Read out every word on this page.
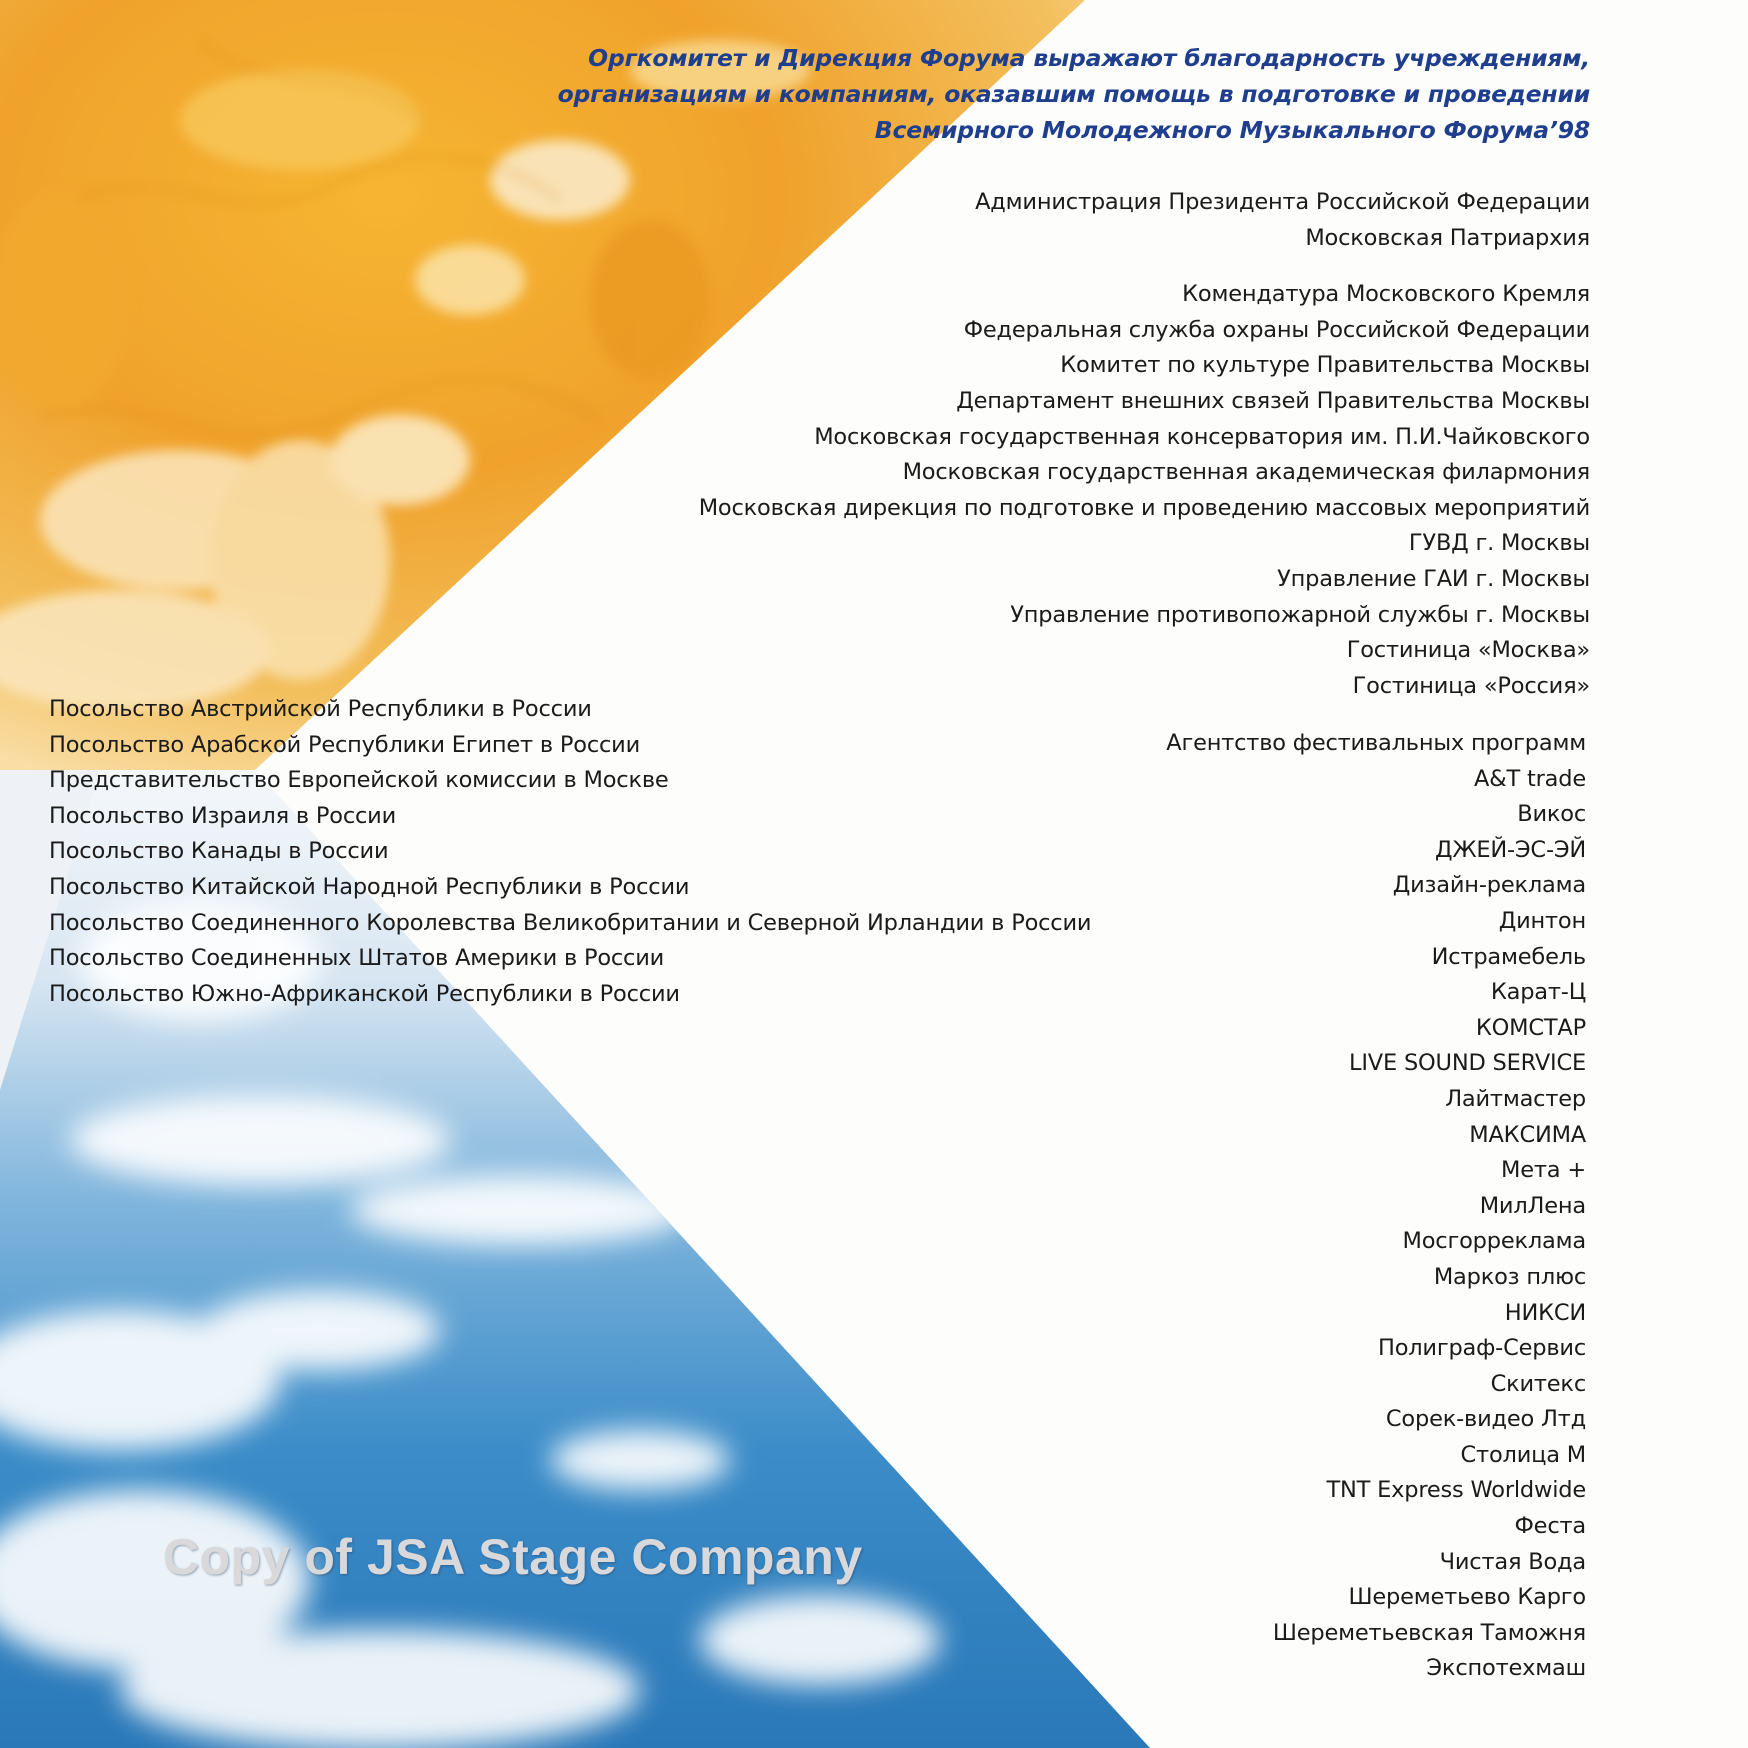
Оргкомитет и Дирекция Форума выражают благодарность учреждениям,
организациям и компаниям, оказавшим помощь в подготовке и проведении
Всемирного Молодежного Музыкального Форума’98
Администрация Президента Российской Федерации
Московская Патриархия
Комендатура Московского Кремля
Федеральная служба охраны Российской Федерации
Комитет по культуре Правительства Москвы
Департамент внешних связей Правительства Москвы
Московская государственная консерватория им. П.И.Чайковского
Московская государственная академическая филармония
Московская дирекция по подготовке и проведению массовых мероприятий
ГУВД г. Москвы
Управление ГАИ г. Москвы
Управление противопожарной службы г. Москвы
Гостиница «Москва»
Гостиница «Россия»
Посольство Австрийской Республики в России
Посольство Арабской Республики Египет в России
Представительство Европейской комиссии в Москве
Посольство Израиля в России
Посольство Канады в России
Посольство Китайской Народной Республики в России
Посольство Соединенного Королевства Великобритании и Северной Ирландии в России
Посольство Соединенных Штатов Америки в России
Посольство Южно-Африканской Республики в России
Агентство фестивальных программ
A&T trade
Викос
ДЖЕЙ-ЭС-ЭЙ
Дизайн-реклама
Динтон
Истрамебель
Карат-Ц
КОМСТАР
LIVE SOUND SERVICE
Лайтмастер
МАКСИМА
Мета +
МилЛена
Мосгорреклама
Маркоз плюс
НИКСИ
Полиграф-Сервис
Скитекс
Сорек-видео Лтд
Столица М
TNT Express Worldwide
Феста
Чистая Вода
Шереметьево Карго
Шереметьевская Таможня
Экспотехмаш
Copy of JSA Stage Company
